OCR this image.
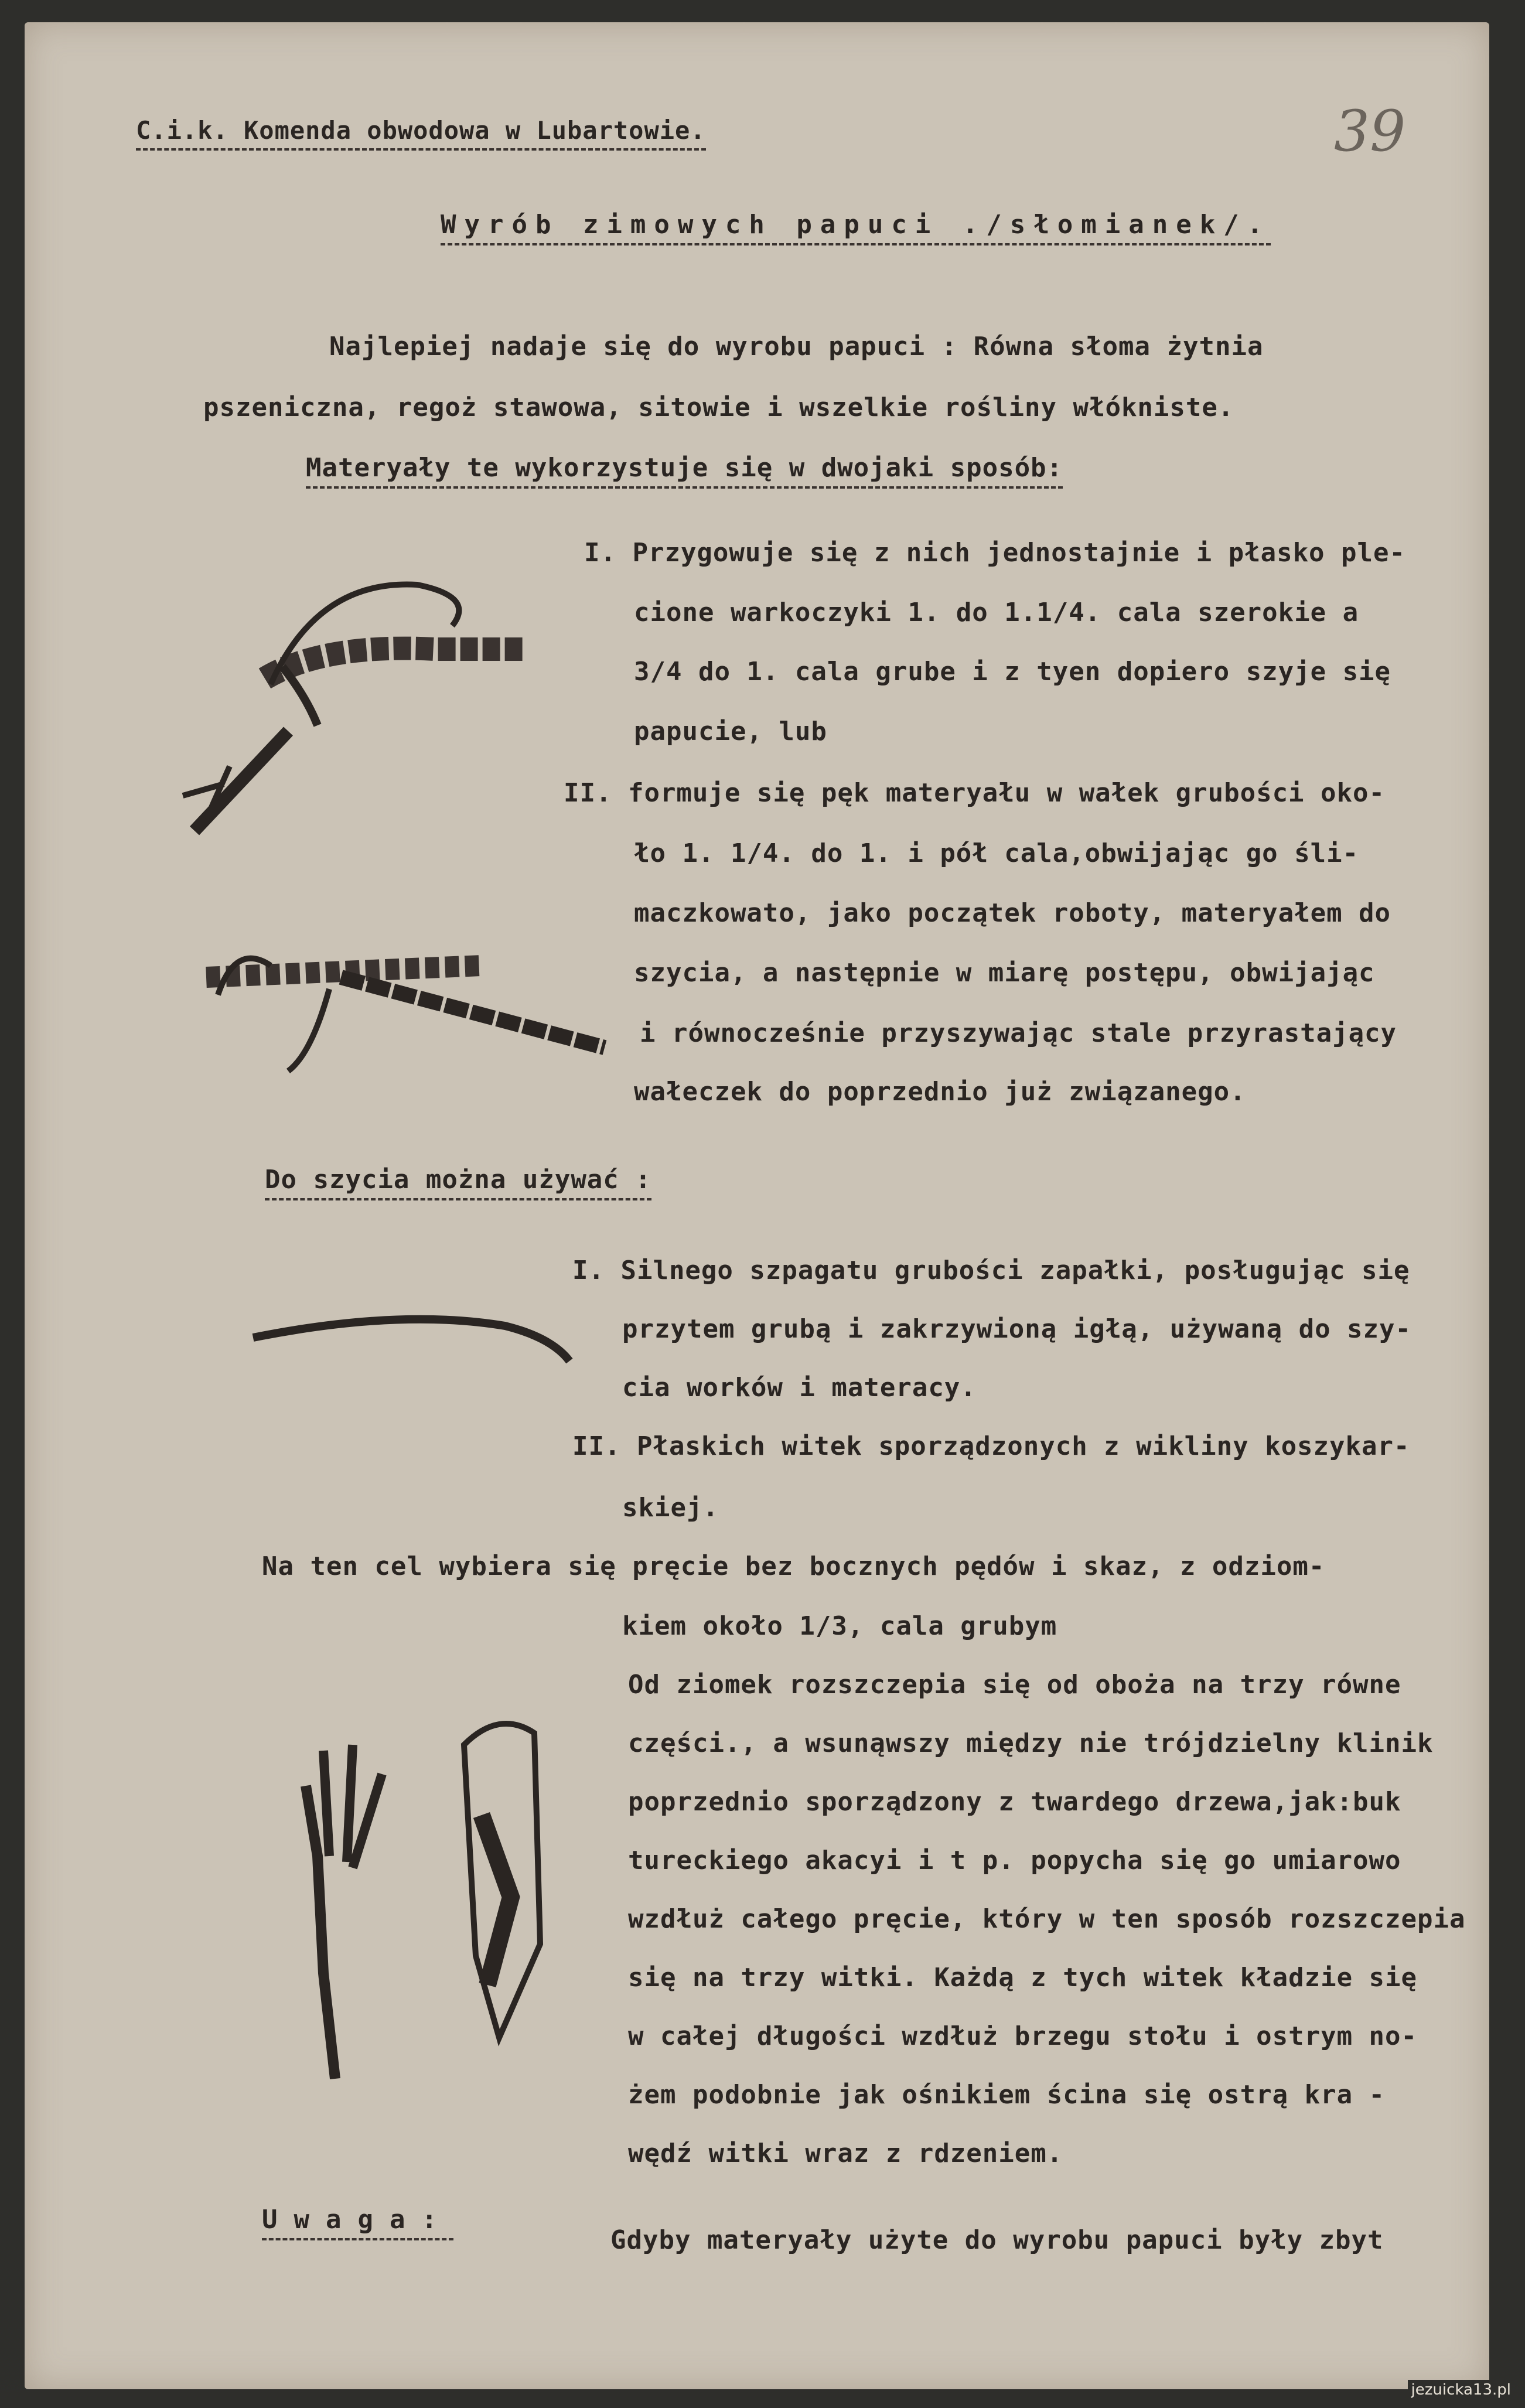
39
C.i.k. Komenda obwodowa w Lubartowie.
Wyrób zimowych papuci ./słomianek/.
Najlepiej nadaje się do wyrobu papuci : Równa słoma żytnia
pszeniczna, regoż stawowa, sitowie i wszelkie rośliny włókniste.
Materyały te wykorzystuje się w dwojaki sposób:
I. Przygowuje się z nich jednostajnie i płasko ple-
cione warkoczyki 1. do 1.1/4. cala szerokie a
3/4 do 1. cala grube i z tyen dopiero szyje się
papucie, lub
II. formuje się pęk materyału w wałek grubości oko-
ło 1. 1/4. do 1. i pół cala,obwijając go śli-
maczkowato, jako początek roboty, materyałem do
szycia, a następnie w miarę postępu, obwijając
i równocześnie przyszywając stale przyrastający
wałeczek do poprzednio już związanego.
Do szycia można używać :
I. Silnego szpagatu grubości zapałki, posługując się
przytem grubą i zakrzywioną igłą, używaną do szy-
cia worków i materacy.
II. Płaskich witek sporządzonych z wikliny koszykar-
skiej.
Na ten cel wybiera się pręcie bez bocznych pędów i skaz, z odziom-
kiem około 1/3, cala grubym
Od ziomek rozszczepia się od oboża na trzy równe
części., a wsunąwszy między nie trójdzielny klinik
poprzednio sporządzony z twardego drzewa,jak:buk
tureckiego akacyi i t p. popycha się go umiarowo
wzdłuż całego pręcie, który w ten sposób rozszczepia
się na trzy witki. Każdą z tych witek kładzie się
w całej długości wzdłuż brzegu stołu i ostrym no-
żem podobnie jak ośnikiem ścina się ostrą kra -
wędź witki wraz z rdzeniem.
Uwaga:
Gdyby materyały użyte do wyrobu papuci były zbyt
jezuicka13.pl
